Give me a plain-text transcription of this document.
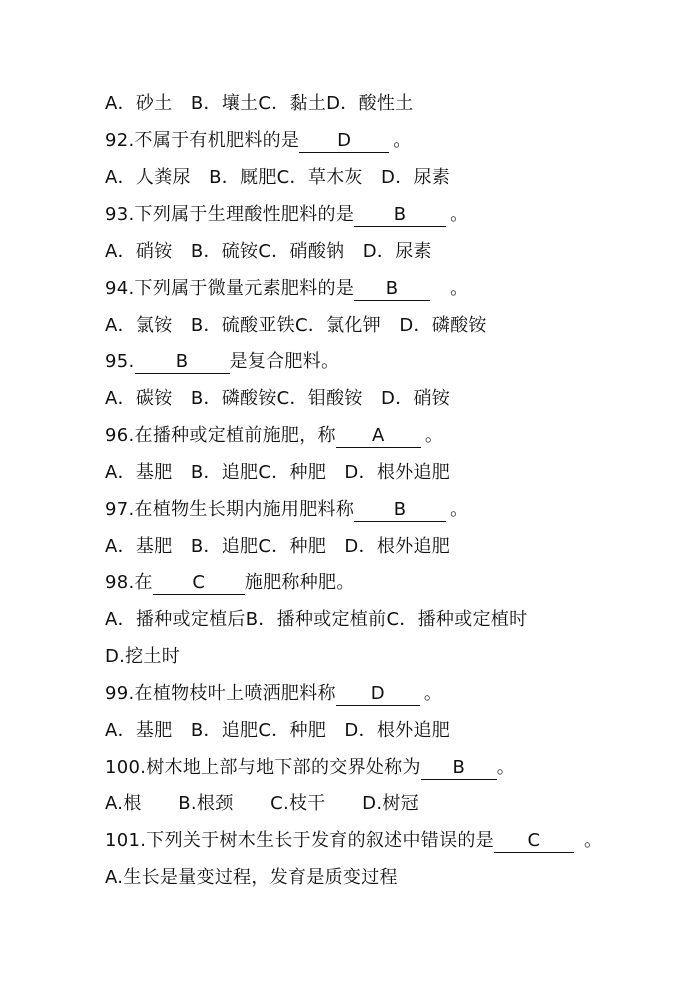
A．砂土　B．壤土C．黏土D．酸性土
92.不属于有机肥料的是 D 。
A．人粪尿　B．厩肥C．草木灰　D．尿素
93.下列属于生理酸性肥料的是 B 。
A．硝铵　B．硫铵C．硝酸钠　D．尿素
94.下列属于微量元素肥料的是 B	。
A．氯铵　B．硫酸亚铁C．氯化钾　D．磷酸铵
95. B 是复合肥料。
A．碳铵　B．磷酸铵C．钼酸铵　D．硝铵
96.在播种或定植前施肥，称 A 。
A．基肥　B．追肥C．种肥　D．根外追肥
97.在植物生长期内施用肥料称 B 。
A．基肥　B．追肥C．种肥　D．根外追肥
98.在 C 施肥称种肥。
A．播种或定植后B．播种或定植前C．播种或定植时
D.挖土时
99.在植物枝叶上喷洒肥料称 D 。
A．基肥　B．追肥C．种肥　D．根外追肥
100.树木地上部与地下部的交界处称为 B 。
A.根　　B.根颈　　C.枝干　　D.树冠
101.下列关于树木生长于发育的叙述中错误的是 C 。
A.生长是量变过程，发育是质变过程
